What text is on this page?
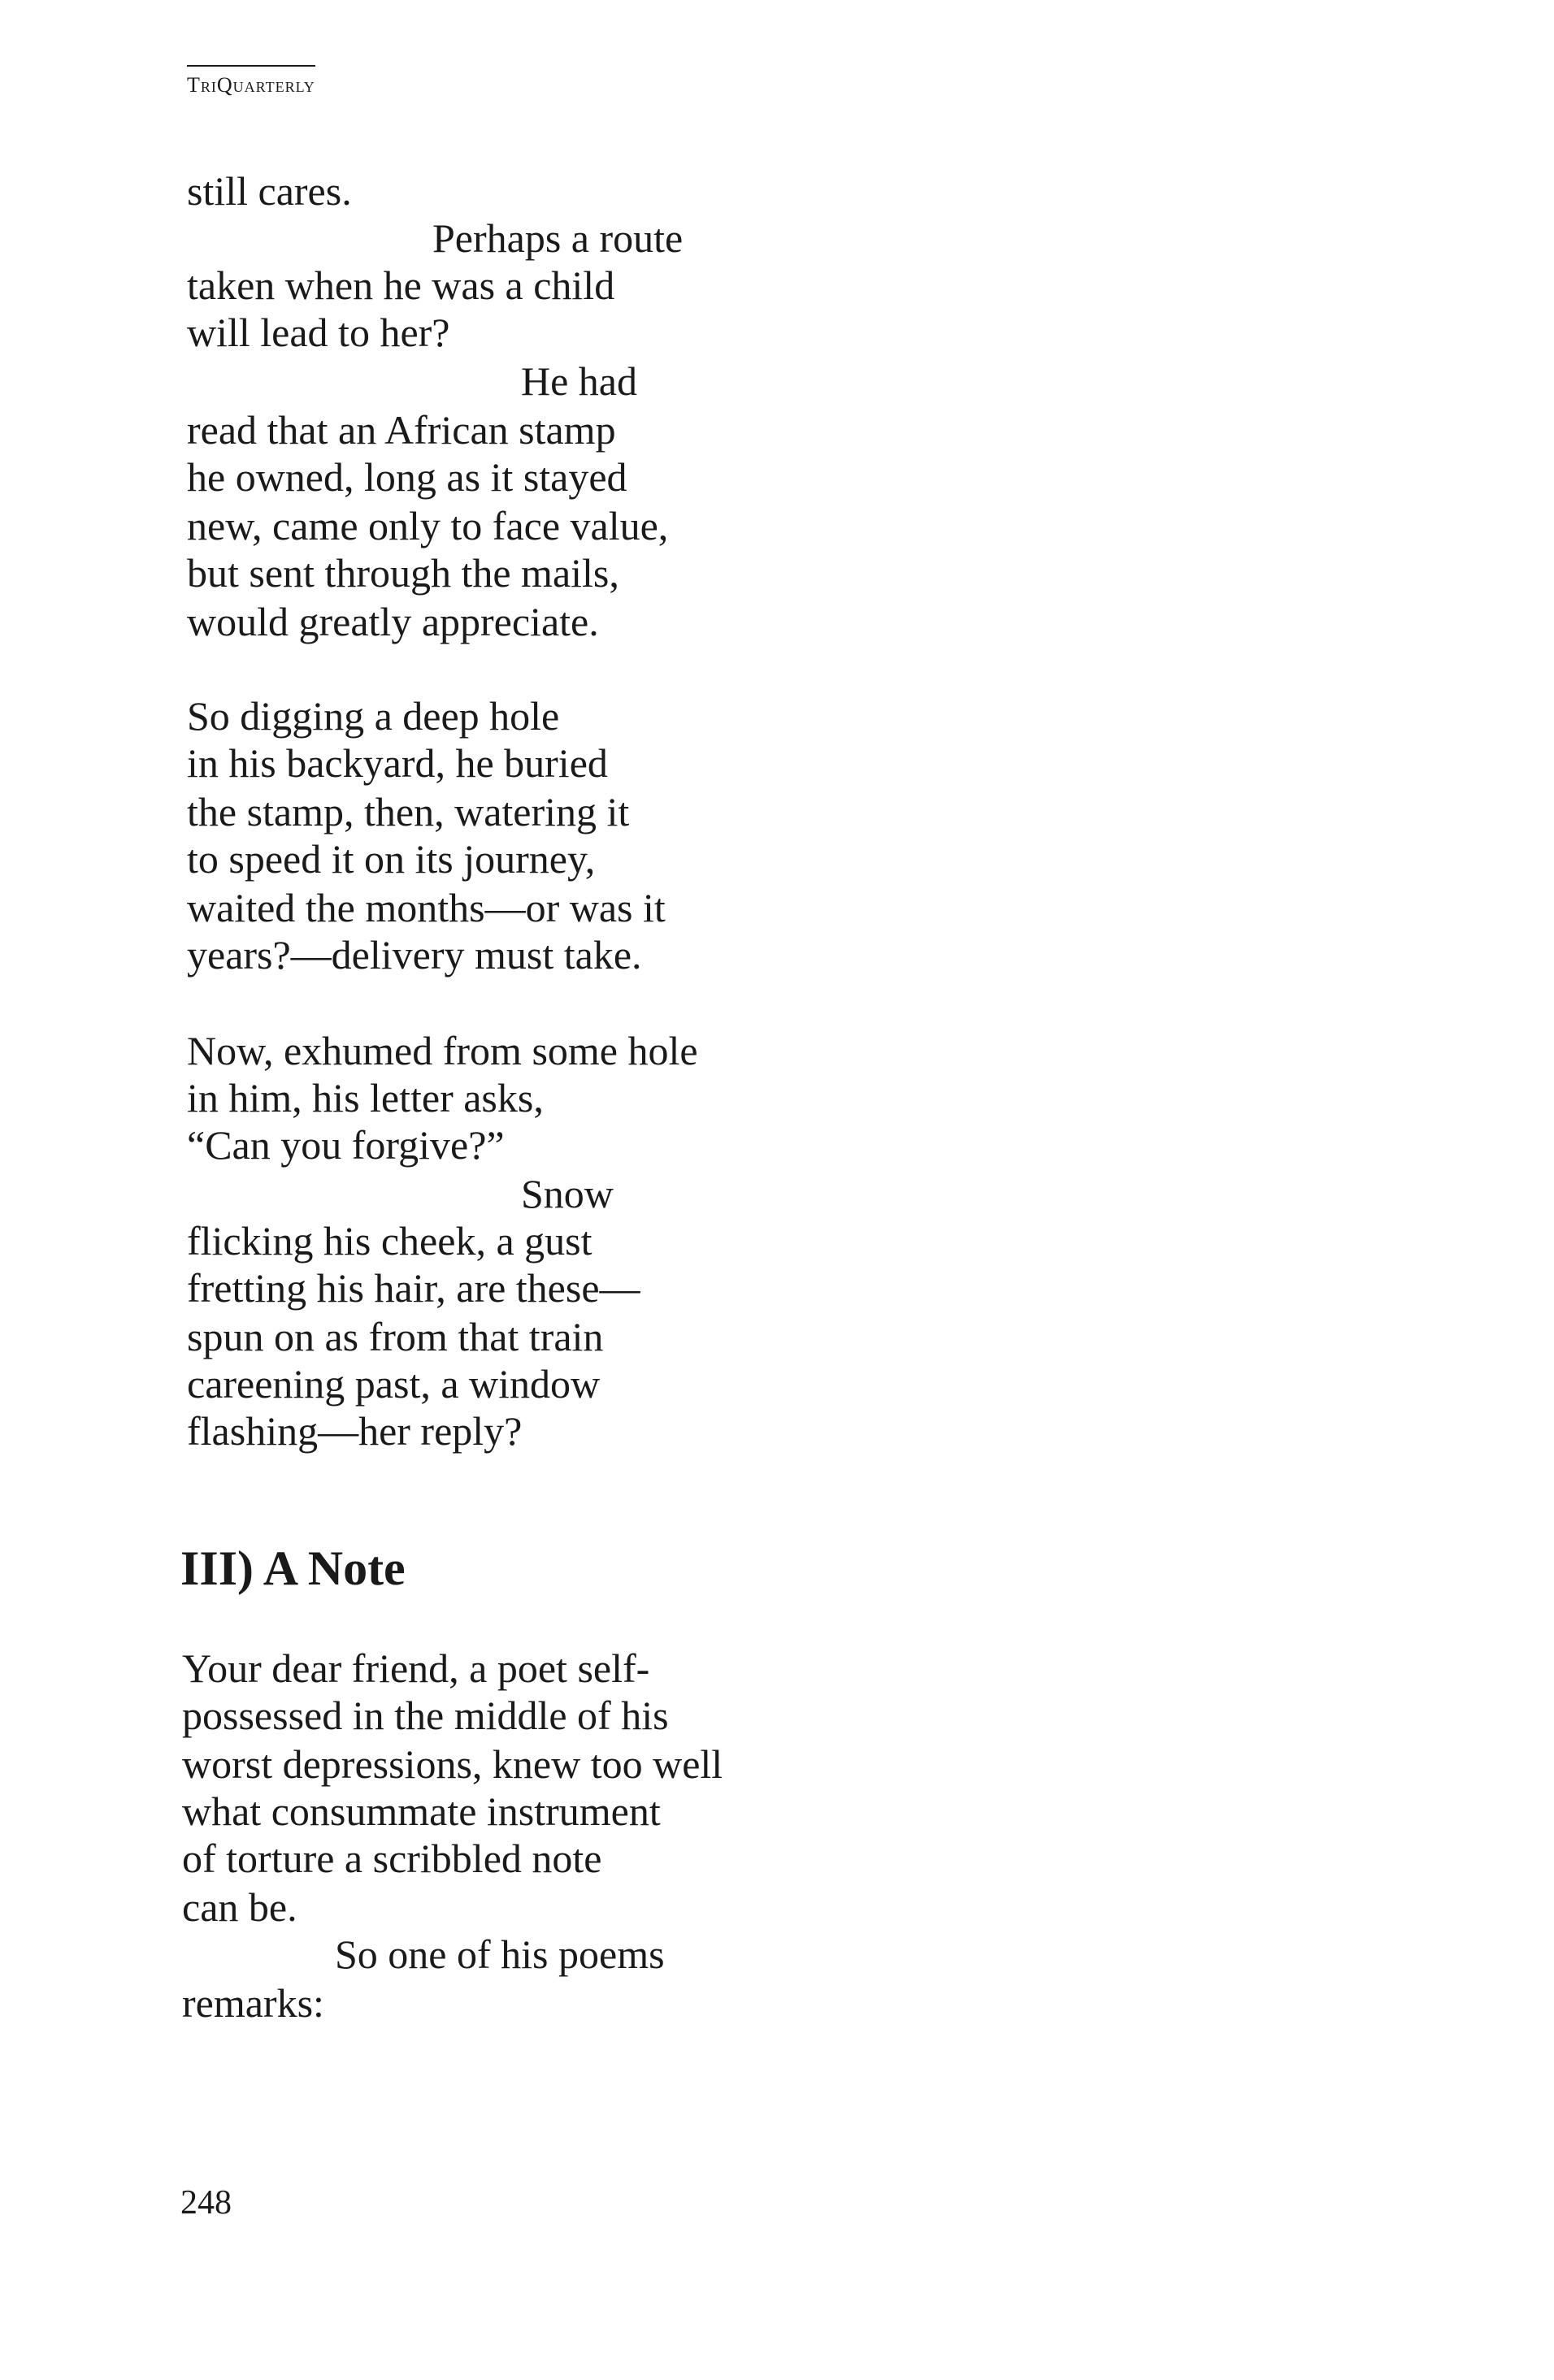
TriQuarterly
still cares.
Perhaps a route
taken when he was a child
will lead to her?
He had
read that an African stamp
he owned, long as it stayed
new, came only to face value,
but sent through the mails,
would greatly appreciate.
So digging a deep hole
in his backyard, he buried
the stamp, then, watering it
to speed it on its journey,
waited the months—or was it
years?—delivery must take.
Now, exhumed from some hole
in him, his letter asks,
“Can you forgive?”
Snow
flicking his cheek, a gust
fretting his hair, are these—
spun on as from that train
careening past, a window
flashing—her reply?
III) A Note
Your dear friend, a poet self-
possessed in the middle of his
worst depressions, knew too well
what consummate instrument
of torture a scribbled note
can be.
So one of his poems
remarks:
248
